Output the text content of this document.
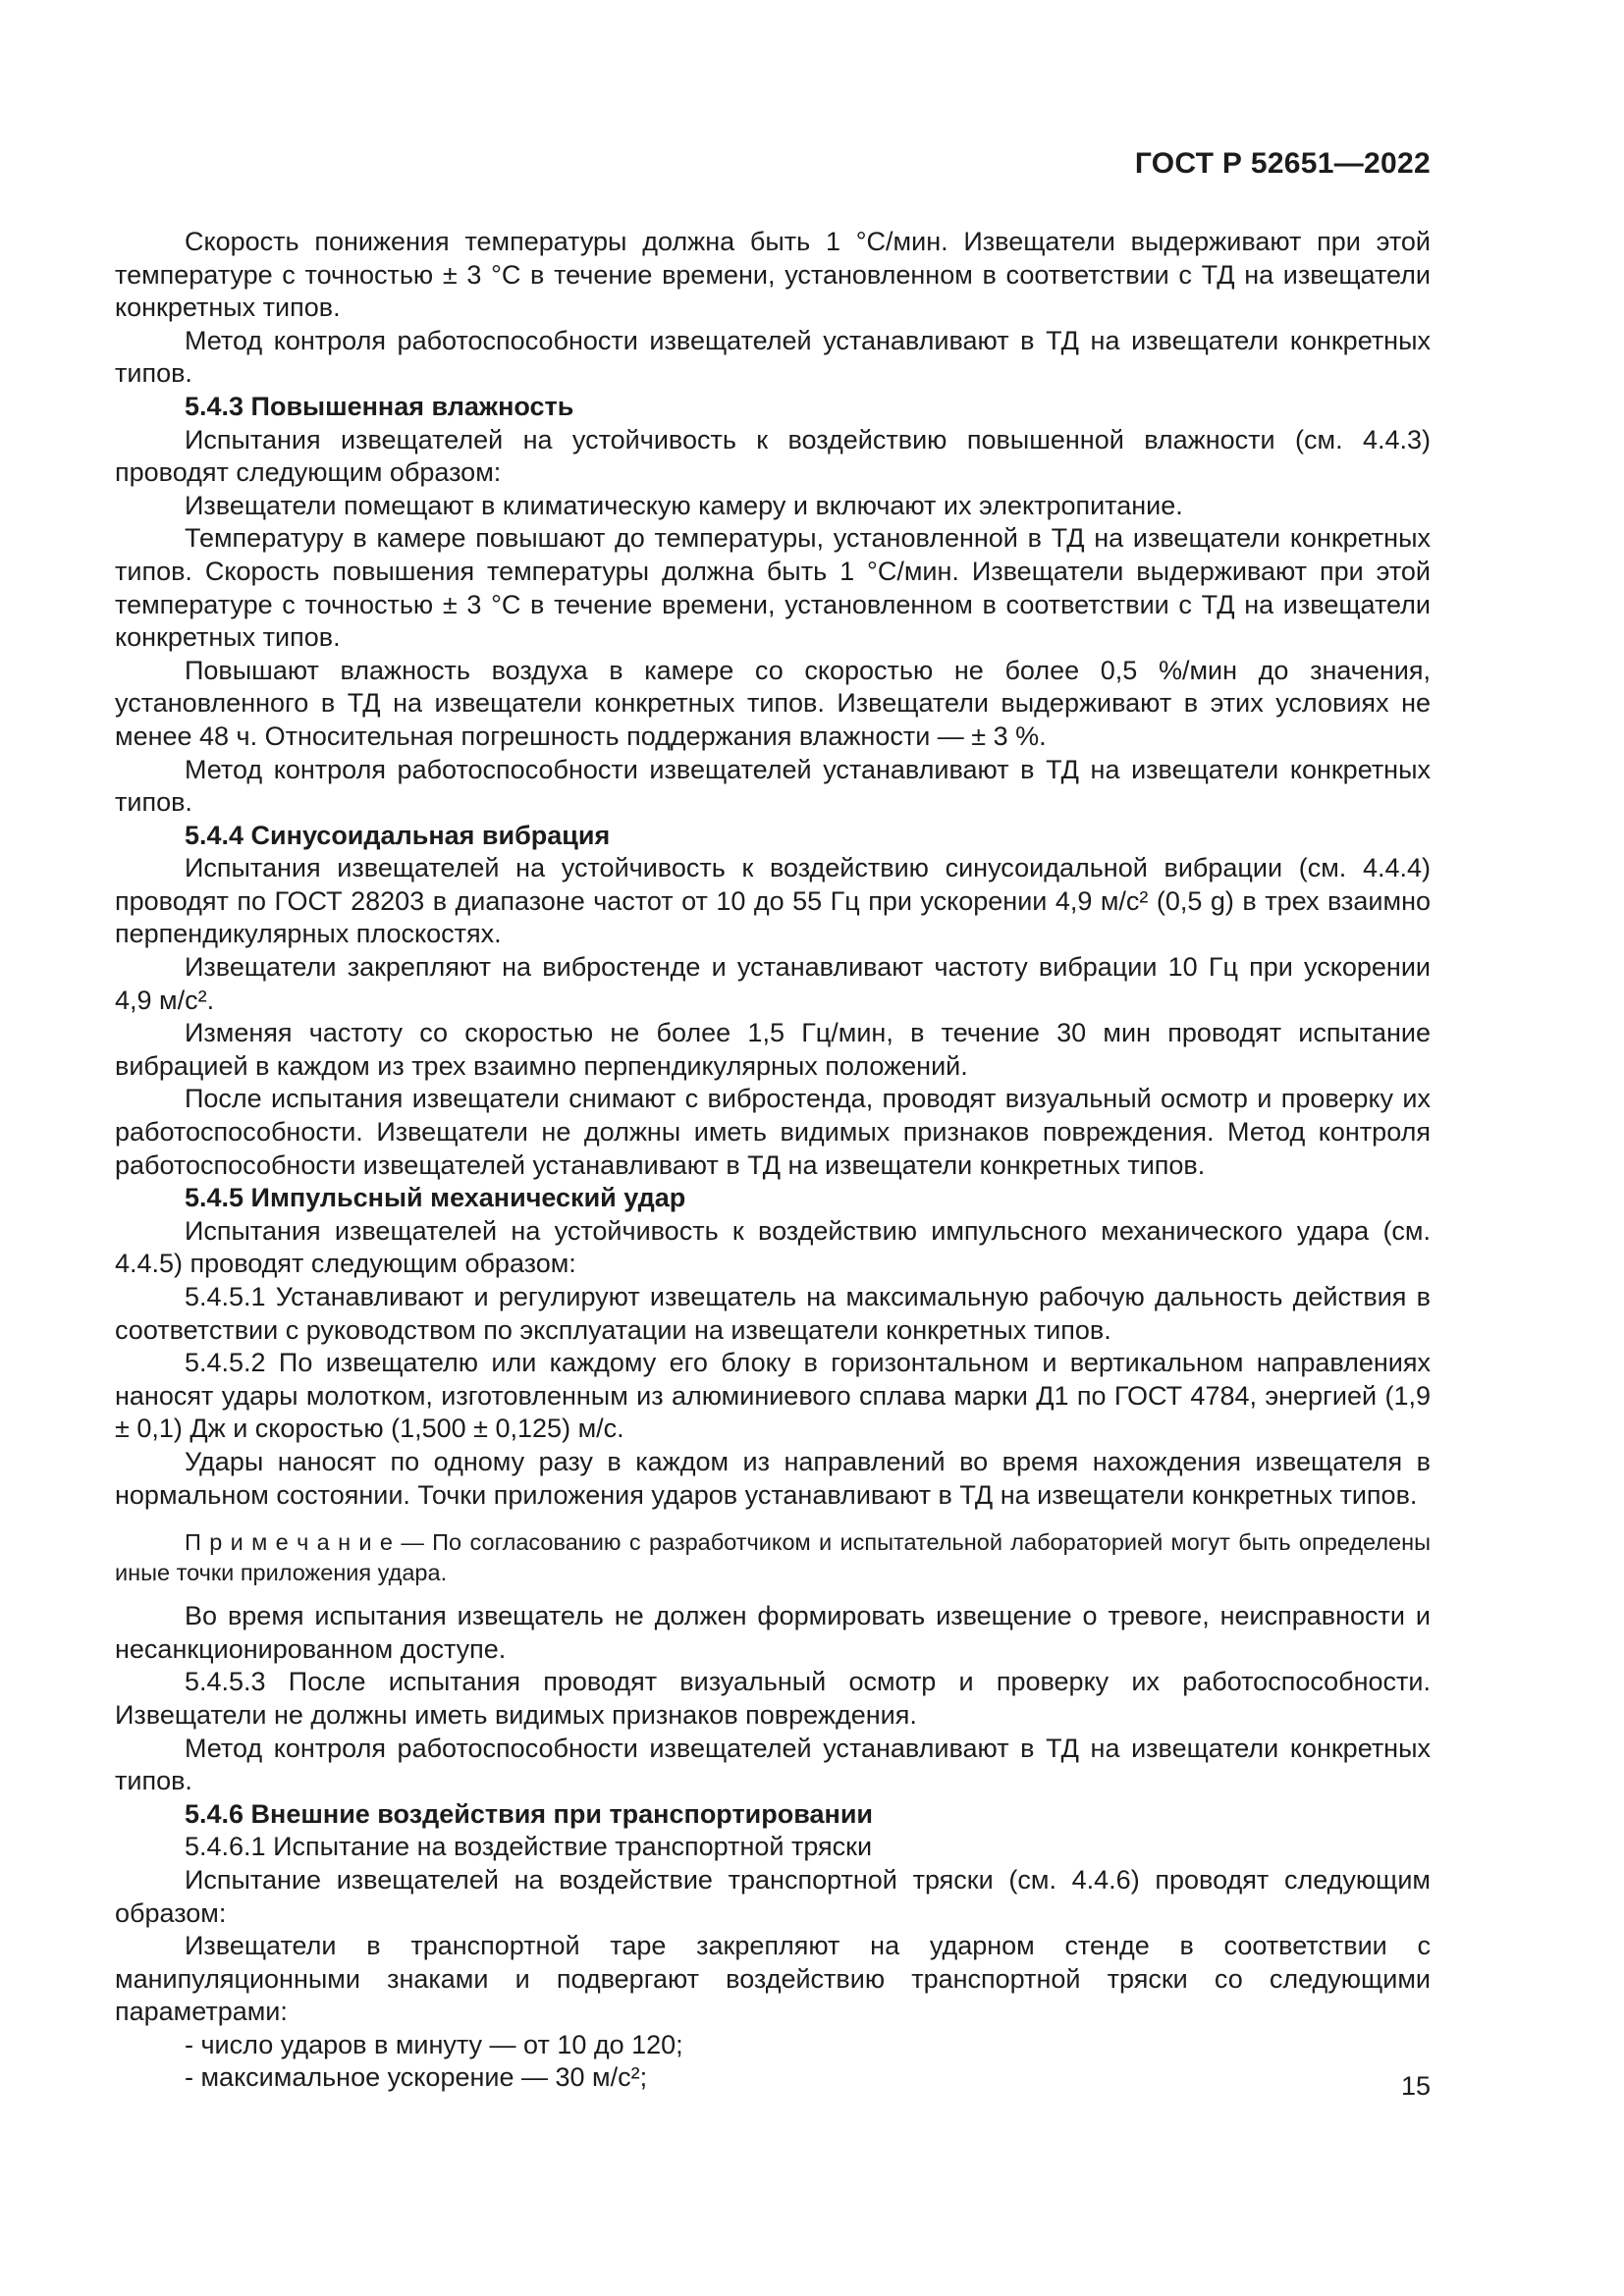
ГОСТ Р 52651—2022

Скорость понижения температуры должна быть 1 °С/мин. Извещатели выдерживают при этой температуре с точностью ± 3 °С в течение времени, установленном в соответствии с ТД на извещатели конкретных типов.

Метод контроля работоспособности извещателей устанавливают в ТД на извещатели конкретных типов.

5.4.3 Повышенная влажность

Испытания извещателей на устойчивость к воздействию повышенной влажности (см. 4.4.3) проводят следующим образом:

Извещатели помещают в климатическую камеру и включают их электропитание.

Температуру в камере повышают до температуры, установленной в ТД на извещатели конкретных типов. Скорость повышения температуры должна быть 1 °С/мин. Извещатели выдерживают при этой температуре с точностью ± 3 °С в течение времени, установленном в соответствии с ТД на извещатели конкретных типов.

Повышают влажность воздуха в камере со скоростью не более 0,5 %/мин до значения, установленного в ТД на извещатели конкретных типов. Извещатели выдерживают в этих условиях не менее 48 ч. Относительная погрешность поддержания влажности — ± 3 %.

Метод контроля работоспособности извещателей устанавливают в ТД на извещатели конкретных типов.

5.4.4 Синусоидальная вибрация

Испытания извещателей на устойчивость к воздействию синусоидальной вибрации (см. 4.4.4) проводят по ГОСТ 28203 в диапазоне частот от 10 до 55 Гц при ускорении 4,9 м/с² (0,5 g) в трех взаимно перпендикулярных плоскостях.

Извещатели закрепляют на вибростенде и устанавливают частоту вибрации 10 Гц при ускорении 4,9 м/с².

Изменяя частоту со скоростью не более 1,5 Гц/мин, в течение 30 мин проводят испытание вибрацией в каждом из трех взаимно перпендикулярных положений.

После испытания извещатели снимают с вибростенда, проводят визуальный осмотр и проверку их работоспособности. Извещатели не должны иметь видимых признаков повреждения. Метод контроля работоспособности извещателей устанавливают в ТД на извещатели конкретных типов.

5.4.5 Импульсный механический удар

Испытания извещателей на устойчивость к воздействию импульсного механического удара (см. 4.4.5) проводят следующим образом:

5.4.5.1 Устанавливают и регулируют извещатель на максимальную рабочую дальность действия в соответствии с руководством по эксплуатации на извещатели конкретных типов.

5.4.5.2 По извещателю или каждому его блоку в горизонтальном и вертикальном направлениях наносят удары молотком, изготовленным из алюминиевого сплава марки Д1 по ГОСТ 4784, энергией (1,9 ± 0,1) Дж и скоростью (1,500 ± 0,125) м/с.

Удары наносят по одному разу в каждом из направлений во время нахождения извещателя в нормальном состоянии. Точки приложения ударов устанавливают в ТД на извещатели конкретных типов.

П р и м е ч а н и е — По согласованию с разработчиком и испытательной лабораторией могут быть определены иные точки приложения удара.

Во время испытания извещатель не должен формировать извещение о тревоге, неисправности и несанкционированном доступе.

5.4.5.3 После испытания проводят визуальный осмотр и проверку их работоспособности. Извещатели не должны иметь видимых признаков повреждения.

Метод контроля работоспособности извещателей устанавливают в ТД на извещатели конкретных типов.

5.4.6 Внешние воздействия при транспортировании

5.4.6.1 Испытание на воздействие транспортной тряски

Испытание извещателей на воздействие транспортной тряски (см. 4.4.6) проводят следующим образом:

Извещатели в транспортной таре закрепляют на ударном стенде в соответствии с манипуляционными знаками и подвергают воздействию транспортной тряски со следующими параметрами:

- число ударов в минуту — от 10 до 120;

- максимальное ускорение — 30 м/с²;	15
